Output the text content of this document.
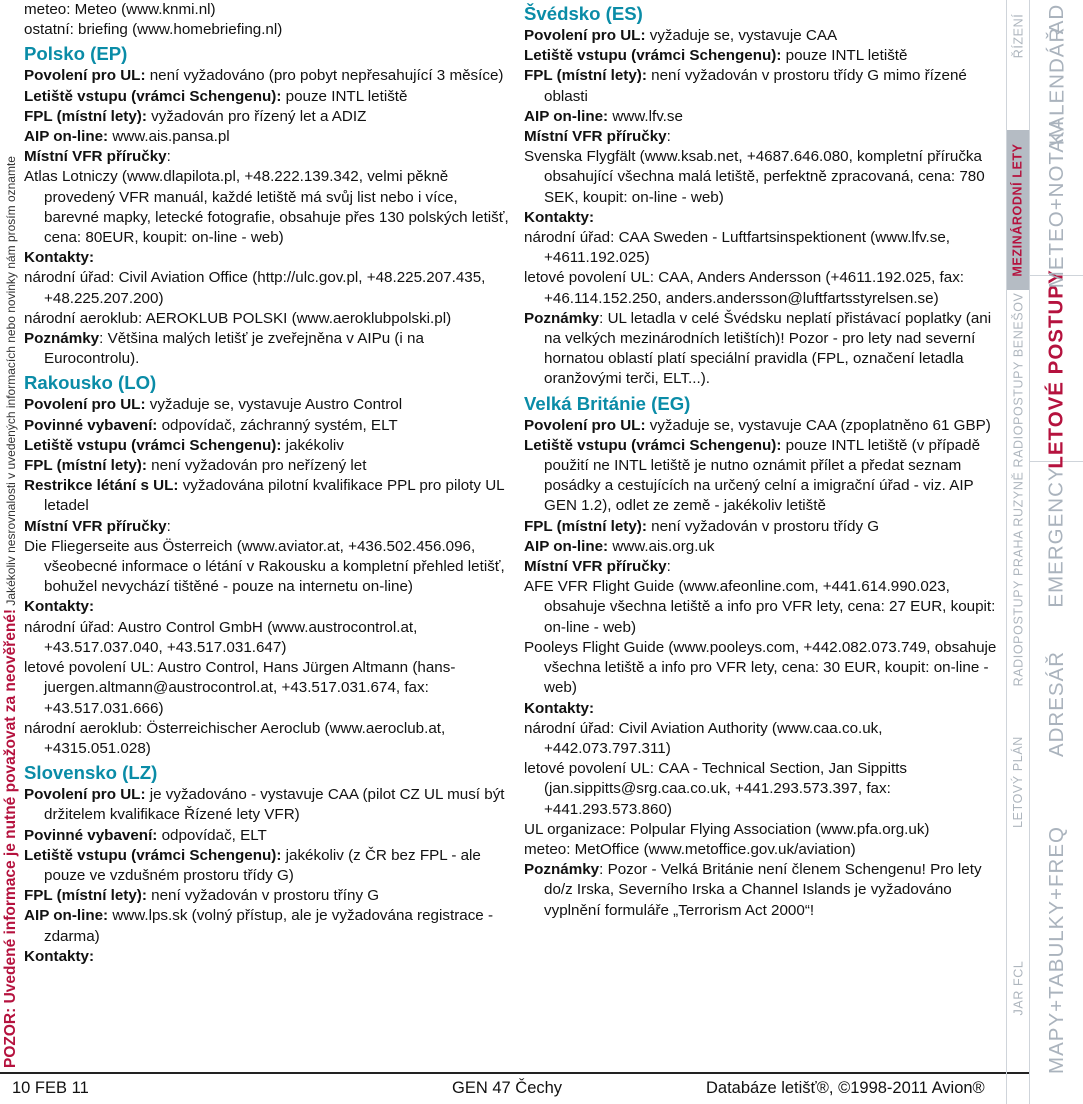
POZOR: Uvedené informace je nutné považovat za neověřené! Jakékoliv nesrovnalosti v uvedených informacích nebo novinky nám prosím oznamte
meteo: Meteo (www.knmi.nl)
ostatní: briefing (www.homebriefing.nl)
Polsko (EP)
Povolení pro UL: není vyžadováno (pro pobyt nepřesahující 3 měsíce)
Letiště vstupu (vrámci Schengenu): pouze INTL letiště
FPL (místní lety): vyžadován pro řízený let a ADIZ
AIP on-line: www.ais.pansa.pl
Místní VFR příručky:
Atlas Lotniczy (www.dlapilota.pl, +48.222.139.342, velmi pěkně provedený VFR manuál, každé letiště má svůj list nebo i více, barevné mapky, letecké fotografie, obsahuje přes 130 polských letišť, cena: 80EUR, koupit: on-line - web)
Kontakty:
národní úřad: Civil Aviation Office (http://ulc.gov.pl, +48.225.207.435, +48.225.207.200)
národní aeroklub: AEROKLUB POLSKI (www.aeroklubpolski.pl)
Poznámky: Většina malých letišť je zveřejněna v AIPu (i na Eurocontrolu).
Rakousko (LO)
Povolení pro UL: vyžaduje se, vystavuje Austro Control
Povinné vybavení: odpovídač, záchranný systém, ELT
Letiště vstupu (vrámci Schengenu): jakékoliv
FPL (místní lety): není vyžadován pro neřízený let
Restrikce létání s UL: vyžadována pilotní kvalifikace PPL pro piloty UL letadel
Místní VFR příručky:
Die Fliegerseite aus Österreich (www.aviator.at, +436.502.456.096, všeobecné informace o létání v Rakousku a kompletní přehled letišť, bohužel nevychází tištěné - pouze na internetu on-line)
Kontakty:
národní úřad: Austro Control GmbH (www.austrocontrol.at, +43.517.037.040, +43.517.031.647)
letové povolení UL: Austro Control, Hans Jürgen Altmann (hans-juergen.altmann@austrocontrol.at, +43.517.031.674, fax: +43.517.031.666)
národní aeroklub: Österreichischer Aeroclub (www.aeroclub.at, +4315.051.028)
Slovensko (LZ)
Povolení pro UL: je vyžadováno - vystavuje CAA (pilot CZ UL musí být držitelem kvalifikace Řízené lety VFR)
Povinné vybavení: odpovídač, ELT
Letiště vstupu (vrámci Schengenu): jakékoliv (z ČR bez FPL - ale pouze ve vzdušném prostoru třídy G)
FPL (místní lety): není vyžadován v prostoru tříny G
AIP on-line: www.lps.sk (volný přístup, ale je vyžadována registrace - zdarma)
Kontakty:
Švédsko (ES)
Povolení pro UL: vyžaduje se, vystavuje CAA
Letiště vstupu (vrámci Schengenu): pouze INTL letiště
FPL (místní lety): není vyžadován v prostoru třídy G mimo řízené oblasti
AIP on-line: www.lfv.se
Místní VFR příručky:
Svenska Flygfält (www.ksab.net, +4687.646.080, kompletní příručka obsahující všechna malá letiště, perfektně zpracovaná, cena: 780 SEK, koupit: on-line - web)
Kontakty:
národní úřad: CAA Sweden - Luftfartsinspektionent (www.lfv.se, +4611.192.025)
letové povolení UL: CAA, Anders Andersson (+4611.192.025, fax: +46.114.152.250, anders.andersson@luftfartsstyrelsen.se)
Poznámky: UL letadla v celé Švédsku neplatí přistávací poplatky (ani na velkých mezinárodních letištích)! Pozor - pro lety nad severní hornatou oblastí platí speciální pravidla (FPL, označení letadla oranžovými terči, ELT...).
Velká Británie (EG)
Povolení pro UL: vyžaduje se, vystavuje CAA (zpoplatněno 61 GBP)
Letiště vstupu (vrámci Schengenu): pouze INTL letiště (v případě použití ne INTL letiště je nutno oznámit přílet a předat seznam posádky a cestujících na určený celní a imigrační úřad - viz. AIP GEN 1.2), odlet ze země - jakékoliv letiště
FPL (místní lety): není vyžadován v prostoru třídy G
AIP on-line: www.ais.org.uk
Místní VFR příručky:
AFE VFR Flight Guide (www.afeonline.com, +441.614.990.023, obsahuje všechna letiště a info pro VFR lety, cena: 27 EUR, koupit: on-line - web)
Pooleys Flight Guide (www.pooleys.com, +442.082.073.749, obsahuje všechna letiště a info pro VFR lety, cena: 30 EUR, koupit: on-line - web)
Kontakty:
národní úřad: Civil Aviation Authority (www.caa.co.uk, +442.073.797.311)
letové povolení UL: CAA - Technical Section, Jan Sippitts (jan.sippitts@srg.caa.co.uk, +441.293.573.397, fax: +441.293.573.860)
UL organizace: Polpular Flying Association (www.pfa.org.uk)
meteo: MetOffice (www.metoffice.gov.uk/aviation)
Poznámky: Pozor - Velká Británie není členem Schengenu! Pro lety do/z Irska, Severního Irska a Channel Islands je vyžadováno vyplnění formuláře „Terrorism Act 2000“!
10 FEB 11	GEN 47 Čechy	Databáze letišť®, ©1998-2011 Avion®
JAR FCL
LETOVÝ PLÁN
RADIOPOSTUPY PRAHA RUZYNĚ
RADIOPOSTUPY BENEŠOV
MEZINÁRODNÍ LETY
ŘÍZENÍ
MAPY+TABULKY+FREQ
ADRESÁŘ
EMERGENCY
LETOVÉ POSTUPY
METEO+NOTAM
KALENDÁŘ
AD
